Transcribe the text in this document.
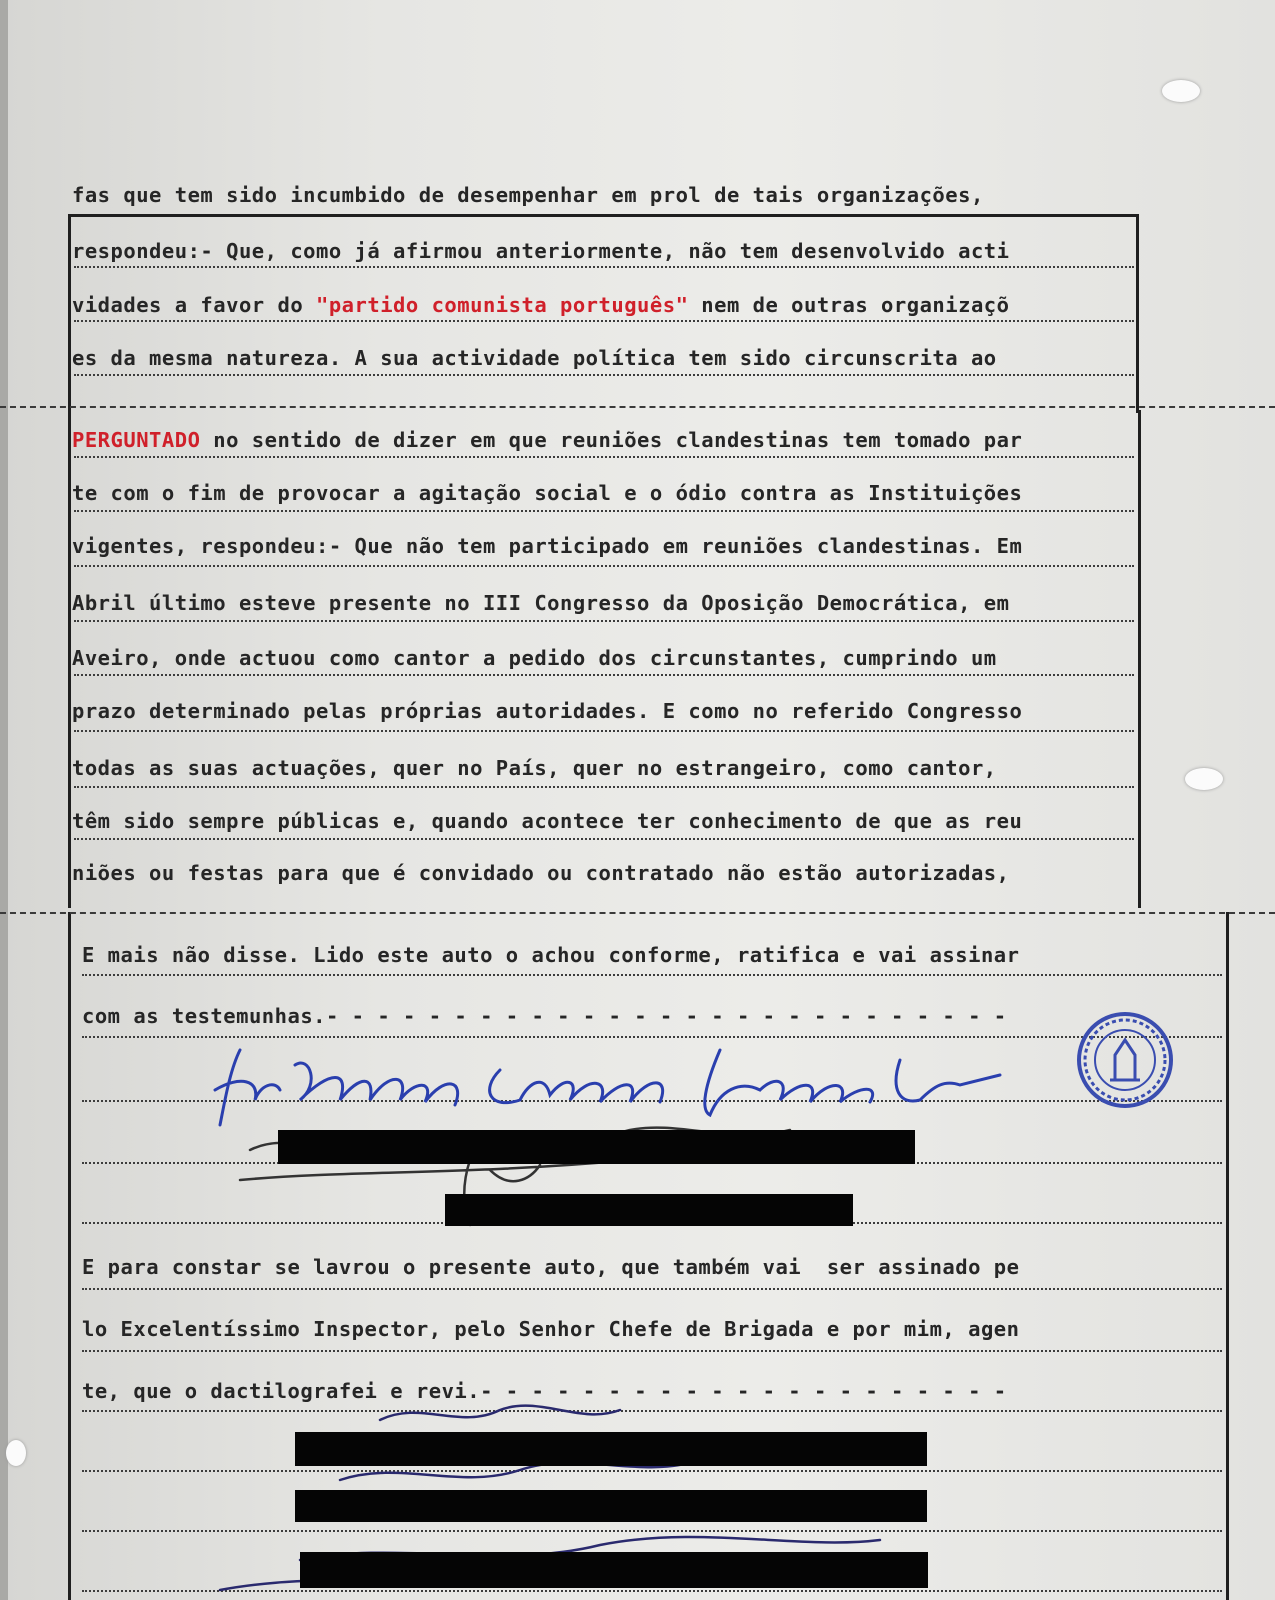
fas que tem sido incumbido de desempenhar em prol de tais organizações,
respondeu:- Que, como já afirmou anteriormente, não tem desenvolvido acti
vidades a favor do "partido comunista português" nem de outras organizaçõ
es da mesma natureza. A sua actividade política tem sido circunscrita ao
PERGUNTADO no sentido de dizer em que reuniões clandestinas tem tomado par
te com o fim de provocar a agitação social e o ódio contra as Instituições
vigentes, respondeu:- Que não tem participado em reuniões clandestinas. Em
Abril último esteve presente no III Congresso da Oposição Democrática, em
Aveiro, onde actuou como cantor a pedido dos circunstantes, cumprindo um
prazo determinado pelas próprias autoridades. E como no referido Congresso
todas as suas actuações, quer no País, quer no estrangeiro, como cantor,
têm sido sempre públicas e, quando acontece ter conhecimento de que as reu
niões ou festas para que é convidado ou contratado não estão autorizadas,
E mais não disse. Lido este auto o achou conforme, ratifica e vai assinar
com as testemunhas.- - - - - - - - - - - - - - - - - - - - - - - - - - -
E para constar se lavrou o presente auto, que também vai  ser assinado pe
lo Excelentíssimo Inspector, pelo Senhor Chefe de Brigada e por mim, agen
te, que o dactilografei e revi.- - - - - - - - - - - - - - - - - - - - -
